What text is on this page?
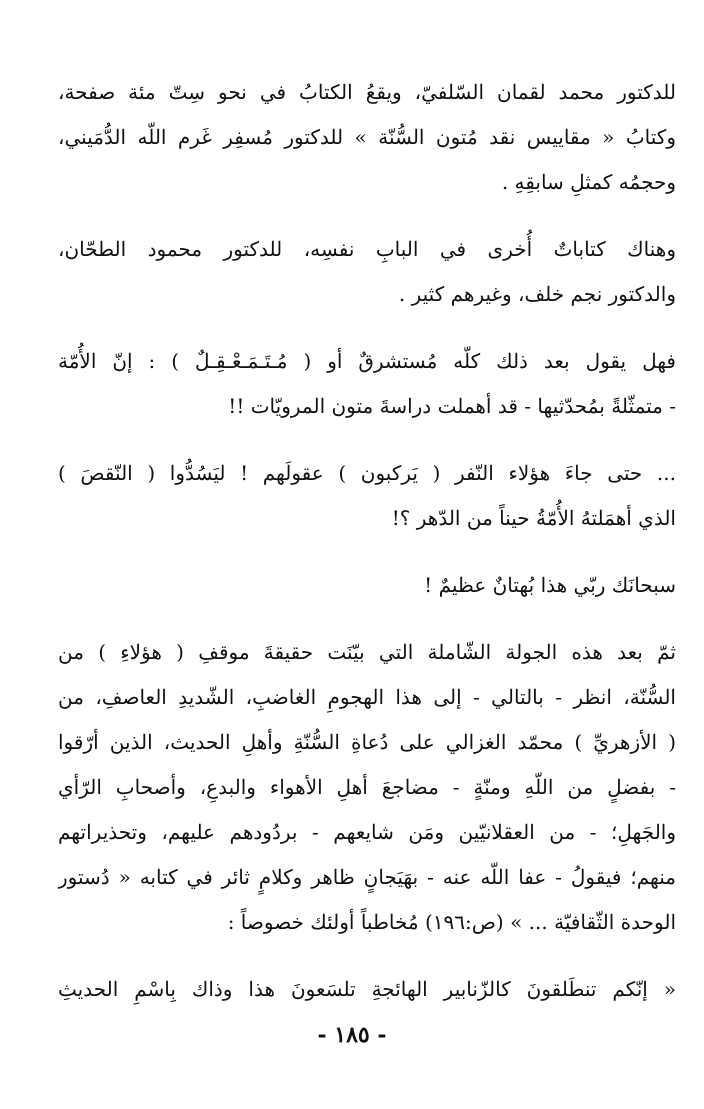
للدكتور محمد لقمان السّلفيّ، ويقعُ الكتابُ في نحو سِتّ مئة صفحة،
وكتابُ « مقاييس نقد مُتون السُّنّة » للدكتور مُسفِر غَرم اللّه الدُّمَيني،
وحجمُه كمثلِ سابقِهِ .
وهناك كتاباتٌ أُخرى في البابِ نفسِه، للدكتور محمود الطحّان،
والدكتور نجم خلف، وغيرهم كثير .
فهل يقول بعد ذلك كلّه مُستشرقٌ أو ( مُـتَـمَـعْـقِـلٌ ) : إنّ الأُمّة
- متمثّلةً بمُحدّثيها - قد أهملت دراسةَ متون المرويّات !!
... حتى جاءَ هؤلاء النّفر ( يَركبون ) عقولَهم ! ليَسُدُّوا ( النّقصَ )
الذي أهمَلتهُ الأُمّةُ حيناً من الدّهر ؟!
سبحانَك ربّي هذا بُهتانٌ عظيمٌ !
ثمّ بعد هذه الجولة الشّاملة التي بيّنَت حقيقةَ موقفِ ( هؤلاءِ ) من
السُّنّة، انظر - بالتالي - إلى هذا الهجومِ الغاضبِ، الشّديدِ العاصفِ، من
( الأزهريِّ ) محمّد الغزالي على دُعاةِ السُّنّةِ وأهلِ الحديث، الذين أرّقوا
- بفضلٍ من اللّهِ ومنّةٍ - مضاجعَ أهلِ الأهواء والبدعِ، وأصحابِ الرّأي
والجَهلِ؛ - من العقلانيّين ومَن شايعهم - بردُودهم عليهم، وتحذيراتهم
منهم؛ فيقولُ - عفا اللّه عنه - بهَيَجانٍ ظاهر وكلامٍ ثائر في كتابه « دُستور
الوحدة الثّقافيّة ... » (ص:١٩٦) مُخاطباً أولئك خصوصاً :
« إنّكم تنطَلقونَ كالزّنابير الهائجةِ تلسَعونَ هذا وذاك بِاسْمِ الحديثِ
- ١٨٥ -
